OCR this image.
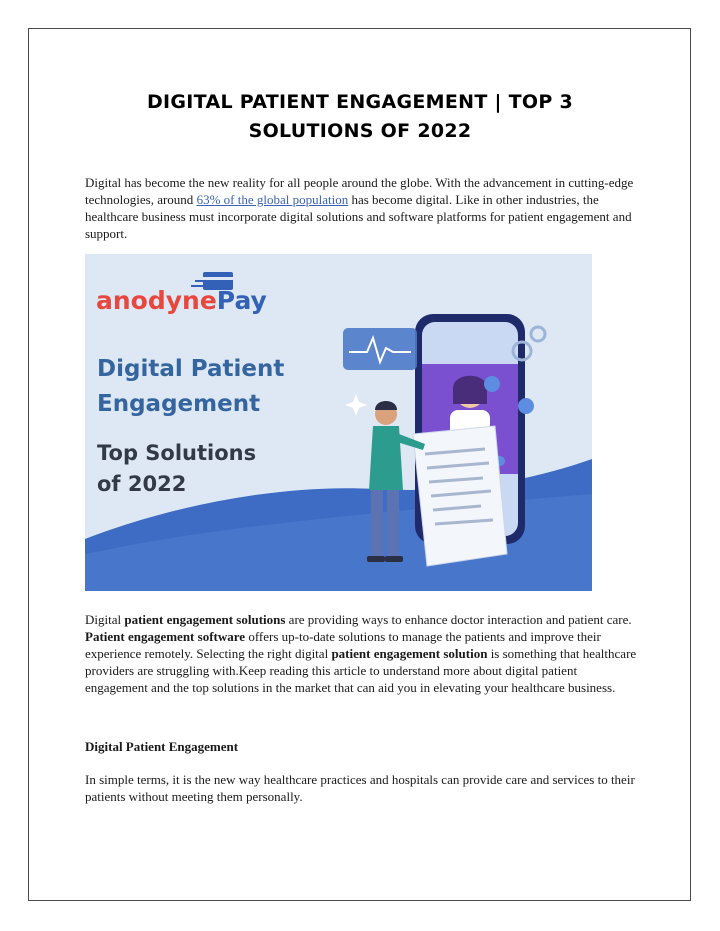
DIGITAL PATIENT ENGAGEMENT | TOP 3 SOLUTIONS OF 2022

Digital has become the new reality for all people around the globe. With the advancement in cutting-edge technologies, around 63% of the global population has become digital. Like in other industries, the healthcare business must incorporate digital solutions and software platforms for patient engagement and support.

anodynePay
Digital Patient
Engagement
Top Solutions
of 2022

Digital patient engagement solutions are providing ways to enhance doctor interaction and patient care. Patient engagement software offers up-to-date solutions to manage the patients and improve their experience remotely. Selecting the right digital patient engagement solution is something that healthcare providers are struggling with.Keep reading this article to understand more about digital patient engagement and the top solutions in the market that can aid you in elevating your healthcare business.

Digital Patient Engagement

In simple terms, it is the new way healthcare practices and hospitals can provide care and services to their patients without meeting them personally.
